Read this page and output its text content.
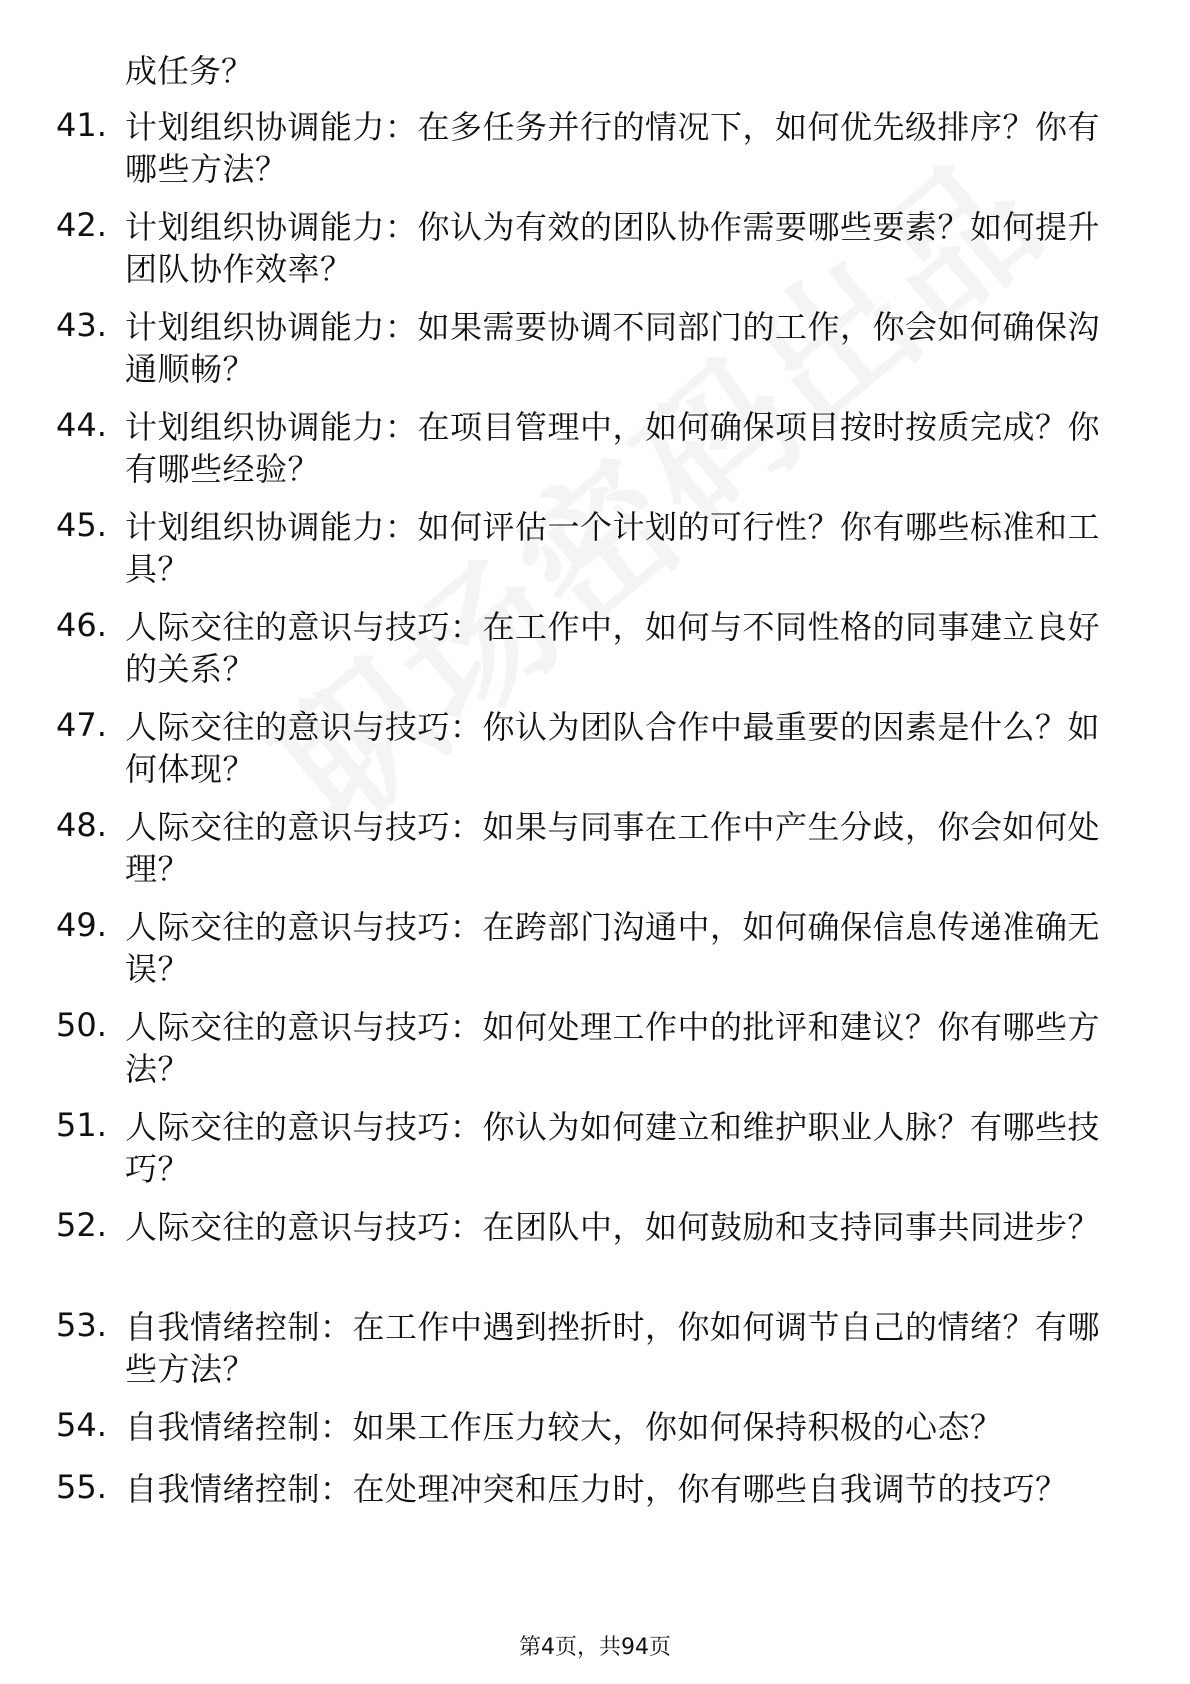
成任务？

41. 计划组织协调能力：在多任务并行的情况下，如何优先级排序？你有哪些方法？
42. 计划组织协调能力：你认为有效的团队协作需要哪些要素？如何提升团队协作效率？
43. 计划组织协调能力：如果需要协调不同部门的工作，你会如何确保沟通顺畅？
44. 计划组织协调能力：在项目管理中，如何确保项目按时按质完成？你有哪些经验？
45. 计划组织协调能力：如何评估一个计划的可行性？你有哪些标准和工具？
46. 人际交往的意识与技巧：在工作中，如何与不同性格的同事建立良好的关系？
47. 人际交往的意识与技巧：你认为团队合作中最重要的因素是什么？如何体现？
48. 人际交往的意识与技巧：如果与同事在工作中产生分歧，你会如何处理？
49. 人际交往的意识与技巧：在跨部门沟通中，如何确保信息传递准确无误？
50. 人际交往的意识与技巧：如何处理工作中的批评和建议？你有哪些方法？
51. 人际交往的意识与技巧：你认为如何建立和维护职业人脉？有哪些技巧？
52. 人际交往的意识与技巧：在团队中，如何鼓励和支持同事共同进步？
53. 自我情绪控制：在工作中遇到挫折时，你如何调节自己的情绪？有哪些方法？
54. 自我情绪控制：如果工作压力较大，你如何保持积极的心态？
55. 自我情绪控制：在处理冲突和压力时，你有哪些自我调节的技巧？
第4页，共94页
